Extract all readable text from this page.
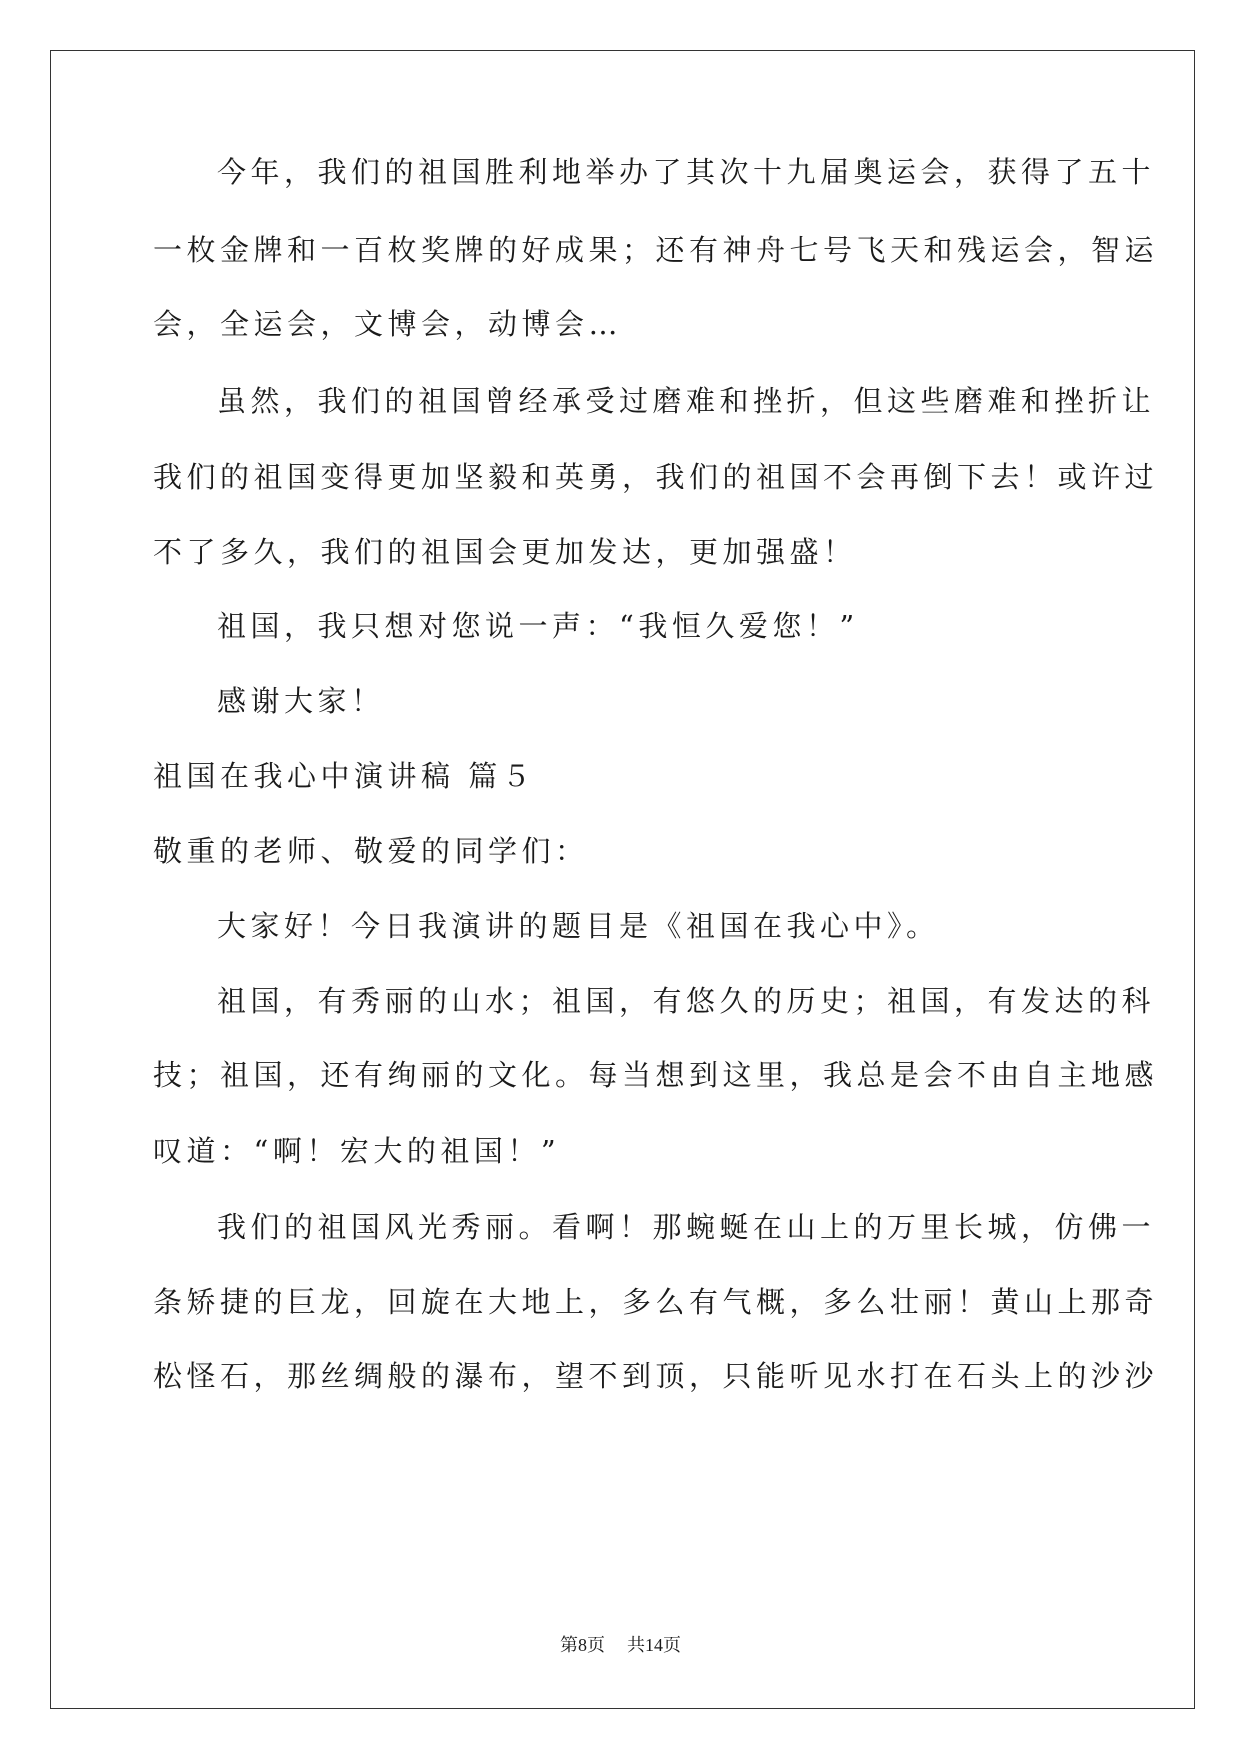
今年，我们的祖国胜利地举办了其次十九届奥运会，获得了五十
一枚金牌和一百枚奖牌的好成果；还有神舟七号飞天和残运会，智运
会，全运会，文博会，动博会…
虽然，我们的祖国曾经承受过磨难和挫折，但这些磨难和挫折让
我们的祖国变得更加坚毅和英勇，我们的祖国不会再倒下去！或许过
不了多久，我们的祖国会更加发达，更加强盛！
祖国，我只想对您说一声：“我恒久爱您！”
感谢大家！
祖国在我心中演讲稿 篇５
敬重的老师、敬爱的同学们：
大家好！今日我演讲的题目是《祖国在我心中》。
祖国，有秀丽的山水；祖国，有悠久的历史；祖国，有发达的科
技；祖国，还有绚丽的文化。每当想到这里，我总是会不由自主地感
叹道：“啊！宏大的祖国！”
我们的祖国风光秀丽。看啊！那蜿蜒在山上的万里长城，仿佛一
条矫捷的巨龙，回旋在大地上，多么有气概，多么壮丽！黄山上那奇
松怪石，那丝绸般的瀑布，望不到顶，只能听见水打在石头上的沙沙
第8页 共14页
